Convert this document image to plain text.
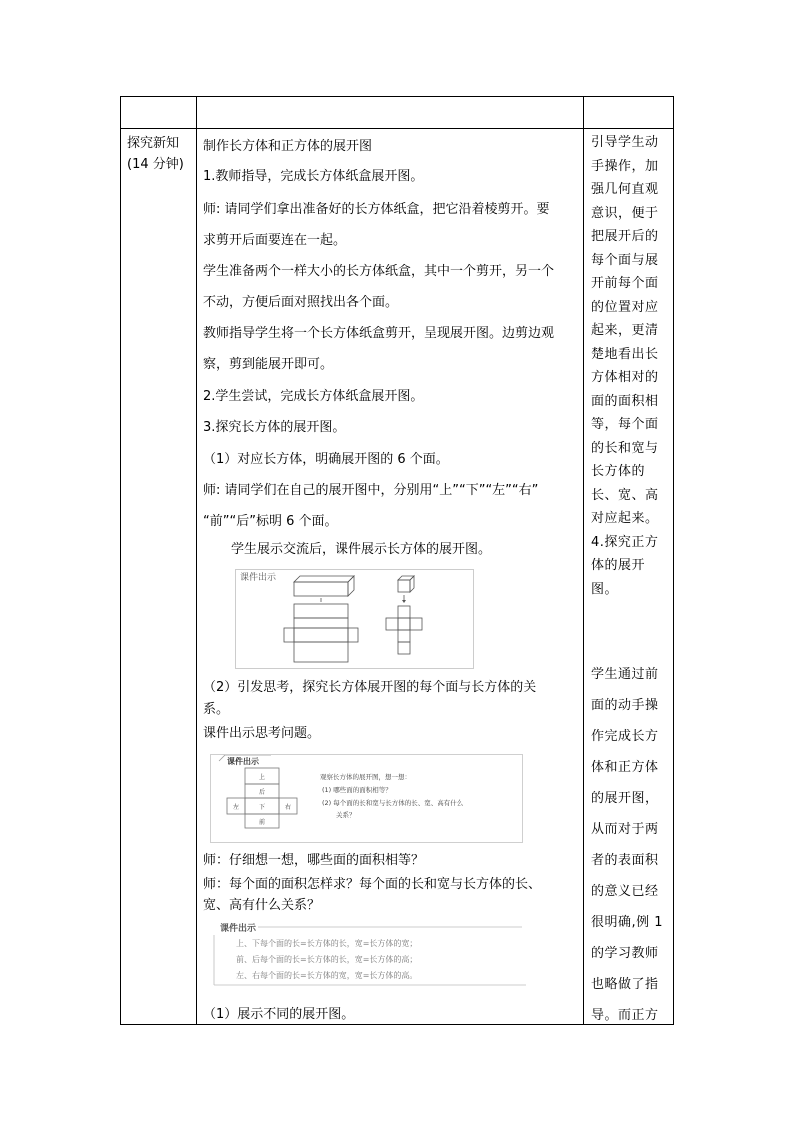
探究新知
(14 分钟)
制作长方体和正方体的展开图
1.教师指导，完成长方体纸盒展开图。
师: 请同学们拿出准备好的长方体纸盒，把它沿着棱剪开。要
求剪开后面要连在一起。
学生准备两个一样大小的长方体纸盒，其中一个剪开，另一个
不动，方便后面对照找出各个面。
教师指导学生将一个长方体纸盒剪开，呈现展开图。边剪边观
察，剪到能展开即可。
2.学生尝试，完成长方体纸盒展开图。
3.探究长方体的展开图。
（1）对应长方体，明确展开图的 6 个面。
师: 请同学们在自己的展开图中，分别用“上”“下”“左”“右”
“前”“后”标明 6 个面。
学生展示交流后，课件展示长方体的展开图。
（2）引发思考，探究长方体展开图的每个面与长方体的关
系。
课件出示思考问题。
师：仔细想一想，哪些面的面积相等？
师：每个面的面积怎样求？每个面的长和宽与长方体的长、
宽、高有什么关系？
（1）展示不同的展开图。
课件出示
课件出示
上
后
左	下	右
前
观察长方体的展开图，想一想：
(1) 哪些面的面积相等？
(2) 每个面的长和宽与长方体的长、宽、高有什么
关系？
课件出示
上、下每个面的长=长方体的长，宽=长方体的宽；
前、后每个面的长=长方体的长，宽=长方体的高；
左、右每个面的长=长方体的宽，宽=长方体的高。
引导学生动
手操作，加
强几何直观
意识，便于
把展开后的
每个面与展
开前每个面
的位置对应
起来，更清
楚地看出长
方体相对的
面的面积相
等，每个面
的长和宽与
长方体的
长、宽、高
对应起来。
4.探究正方
体的展开
图。
学生通过前
面的动手操
作完成长方
体和正方体
的展开图，
从而对于两
者的表面积
的意义已经
很明确,例 1
的学习教师
也略做了指
导。而正方
